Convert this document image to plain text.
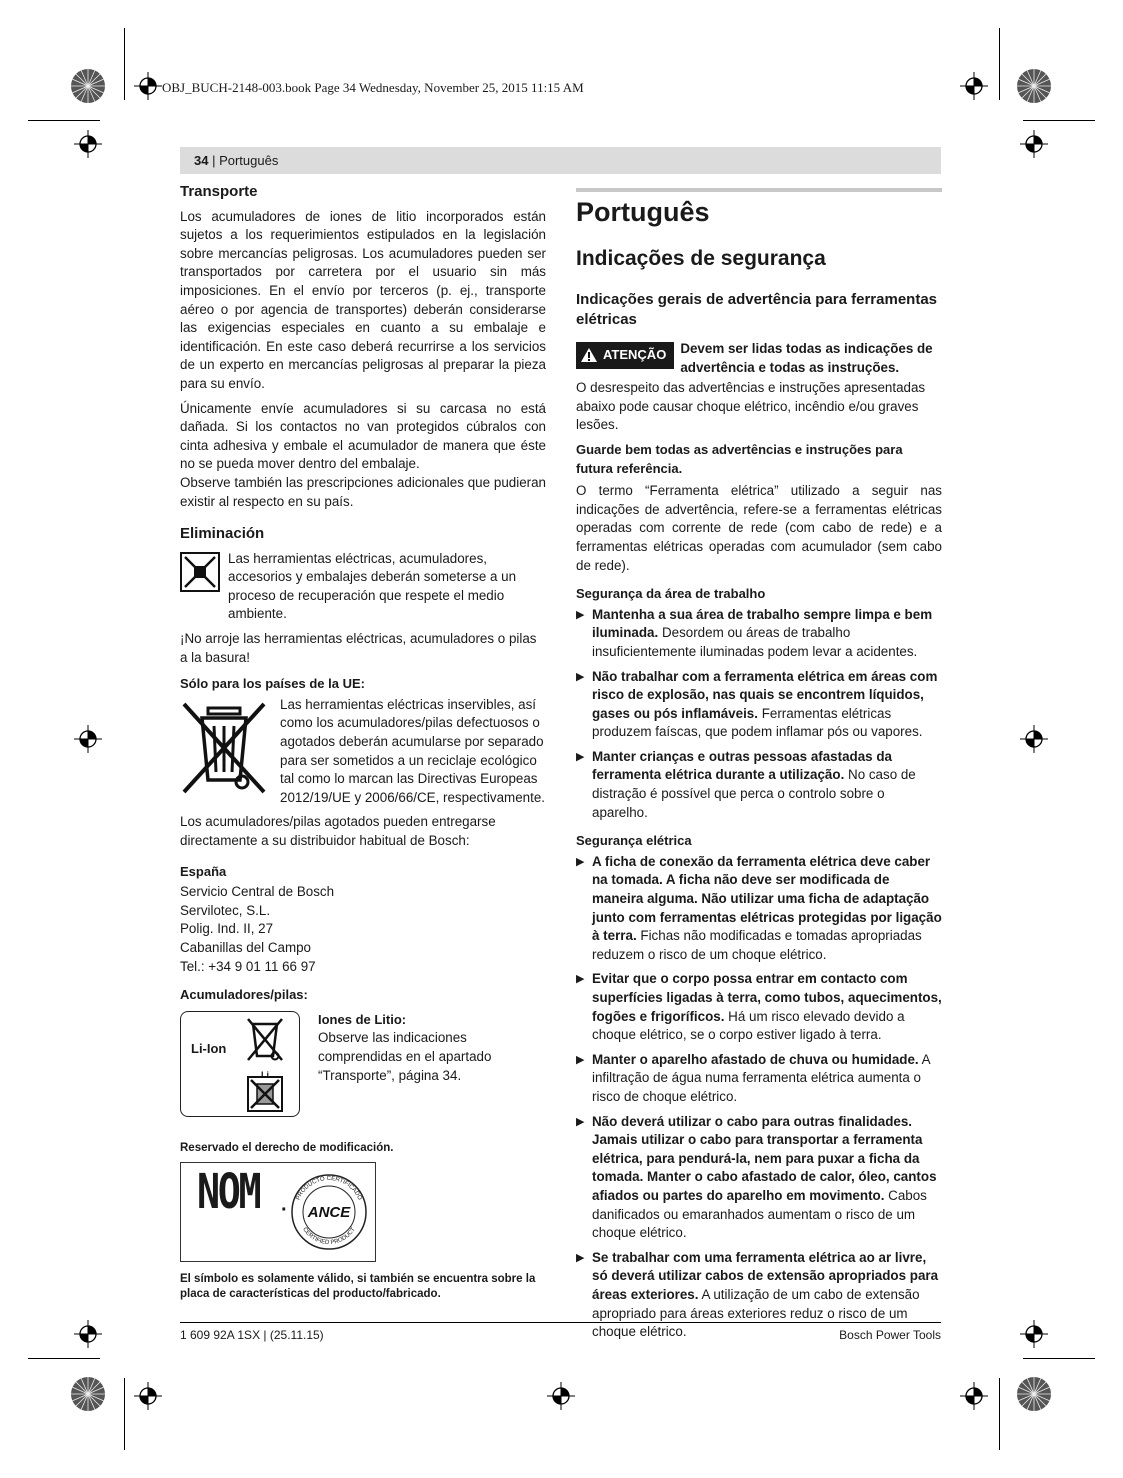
OBJ_BUCH-2148-003.book Page 34 Wednesday, November 25, 2015 11:15 AM
34 | Português
Transporte

Los acumuladores de iones de litio incorporados están sujetos a los requerimientos estipulados en la legislación sobre mercancías peligrosas. Los acumuladores pueden ser transportados por carretera por el usuario sin más imposiciones. En el envío por terceros (p. ej., transporte aéreo o por agencia de transportes) deberán considerarse las exigencias especiales en cuanto a su embalaje e identificación. En este caso deberá recurrirse a los servicios de un experto en mercancías peligrosas al preparar la pieza para su envío.

Únicamente envíe acumuladores si su carcasa no está dañada. Si los contactos no van protegidos cúbralos con cinta adhesiva y embale el acumulador de manera que éste no se pueda mover dentro del embalaje.

Observe también las prescripciones adicionales que pudieran existir al respecto en su país.

Eliminación
Las herramientas eléctricas, acumuladores, accesorios y embalajes deberán someterse a un proceso de recuperación que respete el medio ambiente.

¡No arroje las herramientas eléctricas, acumuladores o pilas a la basura!

Sólo para los países de la UE:
Las herramientas eléctricas inservibles, así como los acumuladores/pilas defectuosos o agotados deberán acumularse por separado para ser sometidos a un reciclaje ecológico tal como lo marcan las Directivas Europeas 2012/19/UE y 2006/66/CE, respectivamente.

Los acumuladores/pilas agotados pueden entregarse directamente a su distribuidor habitual de Bosch:

España
Servicio Central de Bosch
Servilotec, S.L.
Polig. Ind. II, 27
Cabanillas del Campo
Tel.: +34 9 01 11 66 97
Acumuladores/pilas:
Li-Ion
Li
Iones de Litio:
Observe las indicaciones comprendidas en el apartado “Transporte”, página 34.
Reservado el derecho de modificación.
NOM ·
PRODUCTO CERTIFICADO
CERTIFIED PRODUCT
ANCE
El símbolo es solamente válido, si también se encuentra sobre la placa de características del producto/fabricado.
Português
Indicações de segurança
Indicações gerais de advertência para ferramentas elétricas
ATENÇÃO Devem ser lidas todas as indicações de advertência e todas as instruções.

O desrespeito das advertências e instruções apresentadas abaixo pode causar choque elétrico, incêndio e/ou graves lesões.

Guarde bem todas as advertências e instruções para futura referência.

O termo “Ferramenta elétrica” utilizado a seguir nas indicações de advertência, refere-se a ferramentas elétricas operadas com corrente de rede (com cabo de rede) e a ferramentas elétricas operadas com acumulador (sem cabo de rede).

Segurança da área de trabalho
▶ Mantenha a sua área de trabalho sempre limpa e bem iluminada. Desordem ou áreas de trabalho insuficientemente iluminadas podem levar a acidentes.
▶ Não trabalhar com a ferramenta elétrica em áreas com risco de explosão, nas quais se encontrem líquidos, gases ou pós inflamáveis. Ferramentas elétricas produzem faíscas, que podem inflamar pós ou vapores.
▶ Manter crianças e outras pessoas afastadas da ferramenta elétrica durante a utilização. No caso de distração é possível que perca o controlo sobre o aparelho.
Segurança elétrica
▶ A ficha de conexão da ferramenta elétrica deve caber na tomada. A ficha não deve ser modificada de maneira alguma. Não utilizar uma ficha de adaptação junto com ferramentas elétricas protegidas por ligação à terra. Fichas não modificadas e tomadas apropriadas reduzem o risco de um choque elétrico.
▶ Evitar que o corpo possa entrar em contacto com superfícies ligadas à terra, como tubos, aquecimentos, fogões e frigoríficos. Há um risco elevado devido a choque elétrico, se o corpo estiver ligado à terra.
▶ Manter o aparelho afastado de chuva ou humidade. A infiltração de água numa ferramenta elétrica aumenta o risco de choque elétrico.
▶ Não deverá utilizar o cabo para outras finalidades. Jamais utilizar o cabo para transportar a ferramenta elétrica, para pendurá-la, nem para puxar a ficha da tomada. Manter o cabo afastado de calor, óleo, cantos afiados ou partes do aparelho em movimento. Cabos danificados ou emaranhados aumentam o risco de um choque elétrico.
▶ Se trabalhar com uma ferramenta elétrica ao ar livre, só deverá utilizar cabos de extensão apropriados para áreas exteriores. A utilização de um cabo de extensão apropriado para áreas exteriores reduz o risco de um choque elétrico.
1 609 92A 1SX | (25.11.15)	Bosch Power Tools
